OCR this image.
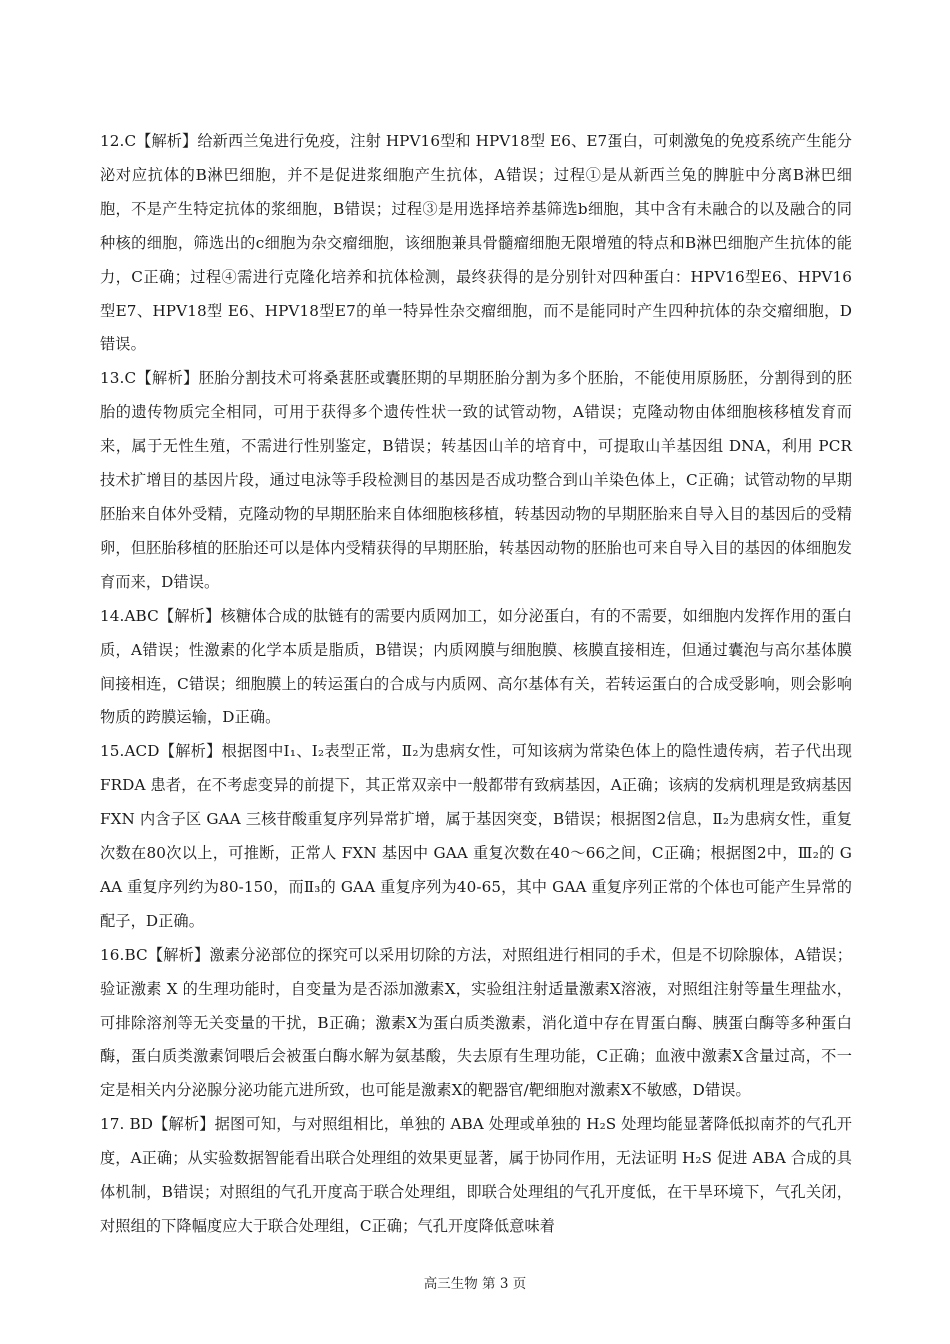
12.C【解析】给新西兰兔进行免疫，注射 HPV16型和 HPV18型 E6、E7蛋白，可刺激兔的免疫系统产生能分泌对应抗体的B淋巴细胞，并不是促进浆细胞产生抗体，A错误；过程①是从新西兰兔的脾脏中分离B淋巴细胞，不是产生特定抗体的浆细胞，B错误；过程③是用选择培养基筛选b细胞，其中含有未融合的以及融合的同种核的细胞，筛选出的c细胞为杂交瘤细胞，该细胞兼具骨髓瘤细胞无限增殖的特点和B淋巴细胞产生抗体的能力，C正确；过程④需进行克隆化培养和抗体检测，最终获得的是分别针对四种蛋白：HPV16型E6、HPV16型E7、HPV18型 E6、HPV18型E7的单一特异性杂交瘤细胞，而不是能同时产生四种抗体的杂交瘤细胞，D错误。

13.C【解析】胚胎分割技术可将桑葚胚或囊胚期的早期胚胎分割为多个胚胎，不能使用原肠胚，分割得到的胚胎的遗传物质完全相同，可用于获得多个遗传性状一致的试管动物，A错误；克隆动物由体细胞核移植发育而来，属于无性生殖，不需进行性别鉴定，B错误；转基因山羊的培育中，可提取山羊基因组 DNA，利用 PCR 技术扩增目的基因片段，通过电泳等手段检测目的基因是否成功整合到山羊染色体上，C正确；试管动物的早期胚胎来自体外受精，克隆动物的早期胚胎来自体细胞核移植，转基因动物的早期胚胎来自导入目的基因后的受精卵，但胚胎移植的胚胎还可以是体内受精获得的早期胚胎，转基因动物的胚胎也可来自导入目的基因的体细胞发育而来，D错误。

14.ABC【解析】核糖体合成的肽链有的需要内质网加工，如分泌蛋白，有的不需要，如细胞内发挥作用的蛋白质，A错误；性激素的化学本质是脂质，B错误；内质网膜与细胞膜、核膜直接相连，但通过囊泡与高尔基体膜间接相连，C错误；细胞膜上的转运蛋白的合成与内质网、高尔基体有关，若转运蛋白的合成受影响，则会影响物质的跨膜运输，D正确。

15.ACD【解析】根据图中Ⅰ₁、Ⅰ₂表型正常，Ⅱ₂为患病女性，可知该病为常染色体上的隐性遗传病，若子代出现 FRDA 患者，在不考虑变异的前提下，其正常双亲中一般都带有致病基因，A正确；该病的发病机理是致病基因 FXN 内含子区 GAA 三核苷酸重复序列异常扩增，属于基因突变，B错误；根据图2信息，Ⅱ₂为患病女性，重复次数在80次以上，可推断，正常人 FXN 基因中 GAA 重复次数在40～66之间，C正确；根据图2中，Ⅲ₂的 GAA 重复序列约为80-150，而Ⅱ₃的 GAA 重复序列为40-65，其中 GAA 重复序列正常的个体也可能产生异常的配子，D正确。

16.BC【解析】激素分泌部位的探究可以采用切除的方法，对照组进行相同的手术，但是不切除腺体，A错误；验证激素 X 的生理功能时，自变量为是否添加激素X，实验组注射适量激素X溶液，对照组注射等量生理盐水，可排除溶剂等无关变量的干扰，B正确；激素X为蛋白质类激素，消化道中存在胃蛋白酶、胰蛋白酶等多种蛋白酶，蛋白质类激素饲喂后会被蛋白酶水解为氨基酸，失去原有生理功能，C正确；血液中激素X含量过高，不一定是相关内分泌腺分泌功能亢进所致，也可能是激素X的靶器官/靶细胞对激素X不敏感，D错误。

17. BD【解析】据图可知，与对照组相比，单独的 ABA 处理或单独的 H₂S 处理均能显著降低拟南芥的气孔开度，A正确；从实验数据智能看出联合处理组的效果更显著，属于协同作用，无法证明 H₂S 促进 ABA 合成的具体机制，B错误；对照组的气孔开度高于联合处理组，即联合处理组的气孔开度低，在干旱环境下，气孔关闭，对照组的下降幅度应大于联合处理组，C正确；气孔开度降低意味着

高三生物 第 3 页
